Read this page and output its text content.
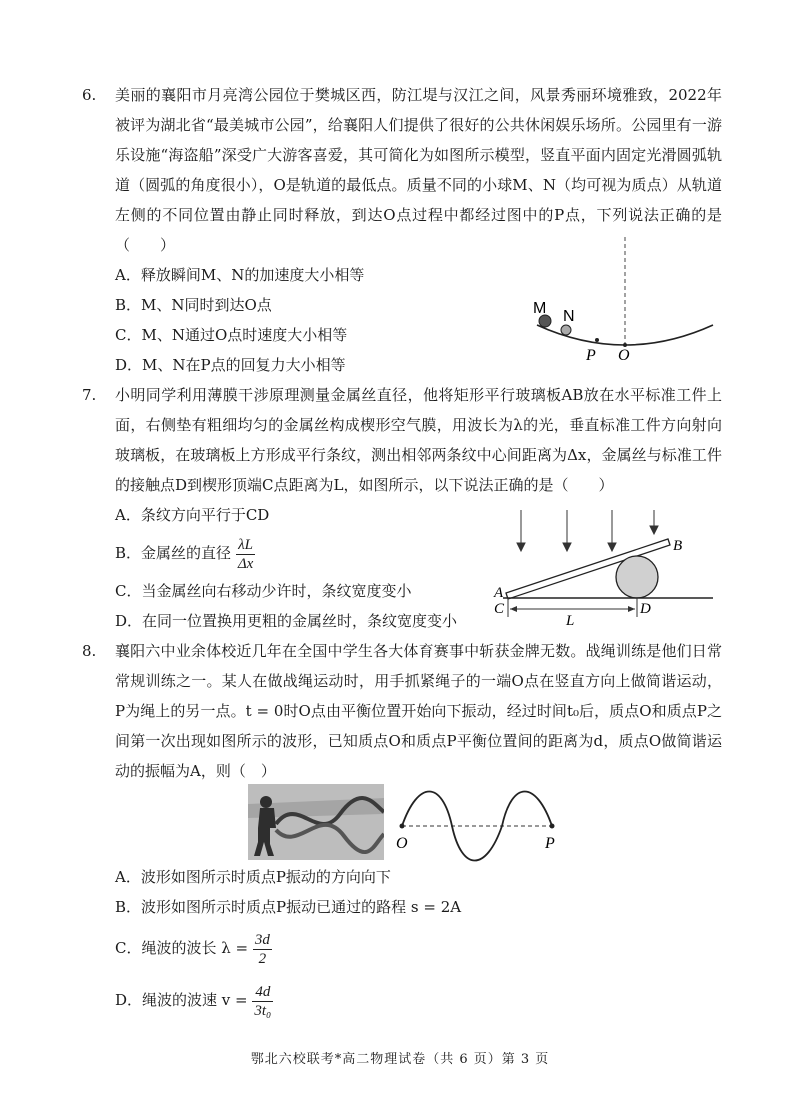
6. 美丽的襄阳市月亮湾公园位于樊城区西，防江堤与汉江之间，风景秀丽环境雅致，2022年被评为湖北省“最美城市公园”，给襄阳人们提供了很好的公共休闲娱乐场所。公园里有一游乐设施“海盗船”深受广大游客喜爱，其可简化为如图所示模型，竖直平面内固定光滑圆弧轨道（圆弧的角度很小），O是轨道的最低点。质量不同的小球M、N（均可视为质点）从轨道左侧的不同位置由静止同时释放，到达O点过程中都经过图中的P点，下列说法正确的是（　　）
A．释放瞬间M、N的加速度大小相等
B．M、N同时到达O点
C．M、N通过O点时速度大小相等
D．M、N在P点的回复力大小相等
M N
P O
7. 小明同学利用薄膜干涉原理测量金属丝直径，他将矩形平行玻璃板AB放在水平标准工件上面，右侧垫有粗细均匀的金属丝构成楔形空气膜，用波长为λ的光，垂直标准工件方向射向玻璃板，在玻璃板上方形成平行条纹，测出相邻两条纹中心间距离为Δx，金属丝与标准工件的接触点D到楔形顶端C点距离为L，如图所示，以下说法正确的是（　　）
A．条纹方向平行于CD
B．金属丝的直径 $\frac{\lambda L}{\Delta x}$
C．当金属丝向右移动少许时，条纹宽度变小
D．在同一位置换用更粗的金属丝时，条纹宽度变小
A
B
C	D
L
8. 襄阳六中业余体校近几年在全国中学生各大体育赛事中斩获金牌无数。战绳训练是他们日常常规训练之一。某人在做战绳运动时，用手抓紧绳子的一端O点在竖直方向上做简谐运动，P为绳上的另一点。t = 0时O点由平衡位置开始向下振动，经过时间t₀后，质点O和质点P之间第一次出现如图所示的波形，已知质点O和质点P平衡位置间的距离为d，质点O做简谐运动的振幅为A，则（　）
O	P
A．波形如图所示时质点P振动的方向向下
B．波形如图所示时质点P振动已通过的路程 s = 2A
C．绳波的波长 $\lambda = \frac{3d}{2}$
D．绳波的波速 $v = \frac{4d}{\text{3t₀}}$
鄂北六校联考*高二物理试卷（共 6 页）第 3 页
